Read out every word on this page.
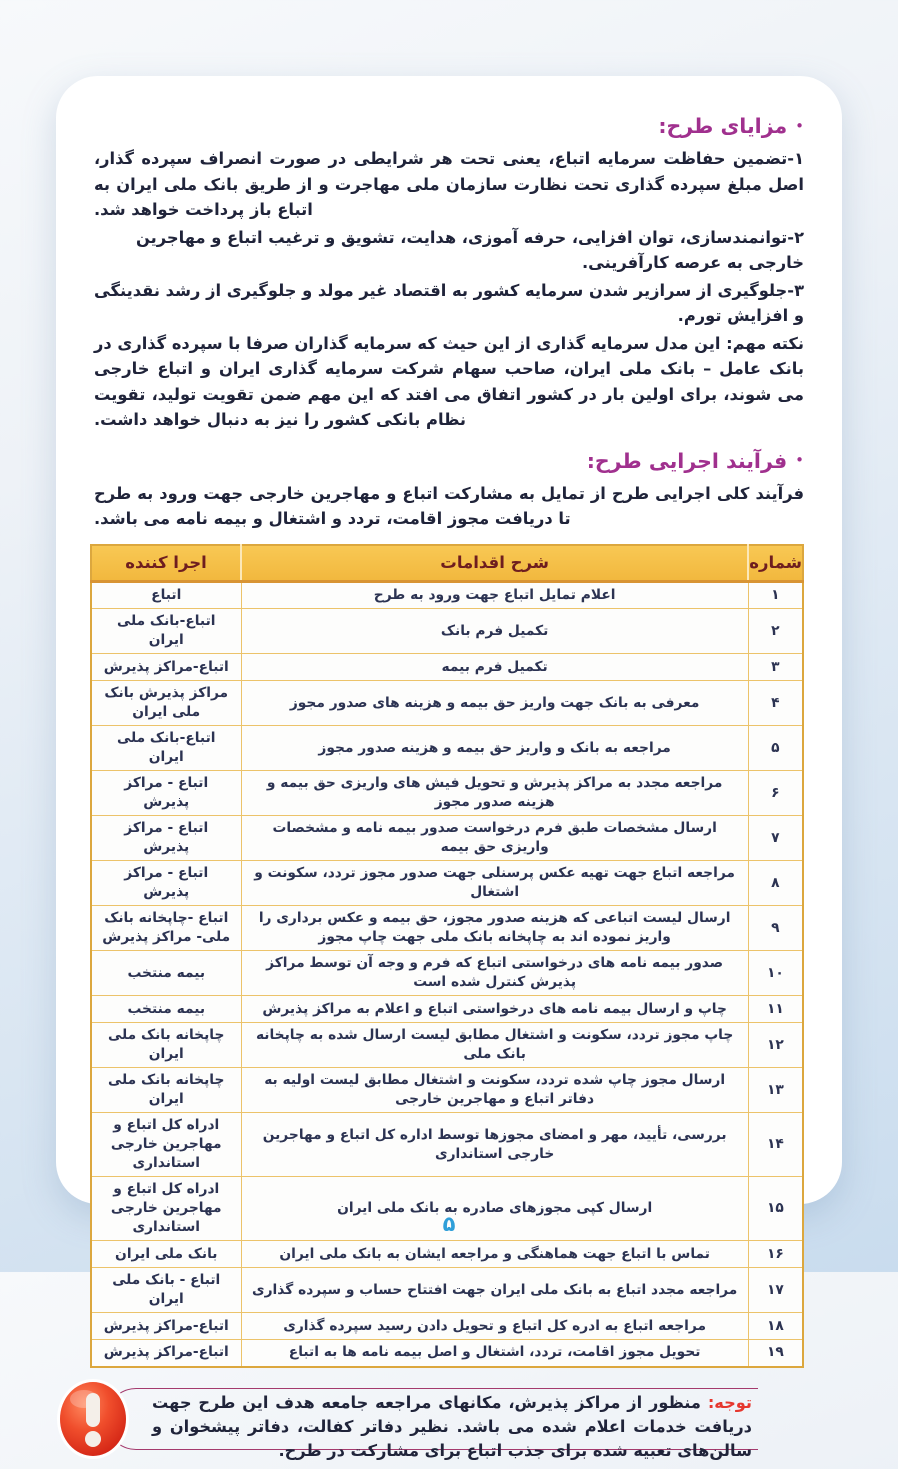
•
مزایای طرح:

۱-تضمین حفاظت سرمایه اتباع، یعنی تحت هر شرایطی در صورت انصراف سپرده گذار، اصل مبلغ سپرده گذاری تحت نظارت سازمان ملی مهاجرت و از طریق بانک ملی ایران به اتباع باز پرداخت خواهد شد.

۲-توانمندسازی، توان افزایی، حرفه آموزی، هدایت، تشویق و ترغیب اتباع و مهاجرین خارجی به عرصه کارآفرینی.

۳-جلوگیری از سرازیر شدن سرمایه کشور به اقتصاد غیر مولد و جلوگیری از رشد نقدینگی و افزایش تورم.

نکته مهم: این مدل سرمایه گذاری از این حیث که سرمایه گذاران صرفا با سپرده گذاری در بانک عامل – بانک ملی ایران، صاحب سهام شرکت سرمایه گذاری ایران و اتباع خارجی می شوند، برای اولین بار در کشور اتفاق می افتد که این مهم ضمن تقویت تولید، تقویت نظام بانکی کشور را نیز به دنبال خواهد داشت.

•
فرآیند اجرایی طرح:

فرآیند کلی اجرایی طرح از تمایل به مشارکت اتباع و مهاجرین خارجی جهت ورود به طرح تا دریافت مجوز اقامت، تردد و اشتغال و بیمه نامه می باشد.

شماره	شرح اقدامات	اجرا کننده
۱	اعلام تمایل اتباع جهت ورود به طرح	اتباع
۲	تکمیل فرم بانک	اتباع-بانک ملی ایران
۳	تکمیل فرم بیمه	اتباع-مراکز پذیرش
۴	معرفی به بانک جهت واریز حق بیمه و هزینه های صدور مجوز	مراکز پذیرش بانک ملی ایران
۵	مراجعه به بانک و واریز حق بیمه و هزینه صدور مجوز	اتباع-بانک ملی ایران
۶	مراجعه مجدد به مراکز پذیرش و تحویل فیش های واریزی حق بیمه و هزینه صدور مجوز	اتباع - مراکز پذیرش
۷	ارسال مشخصات طبق فرم درخواست صدور بیمه نامه و مشخصات واریزی حق بیمه	اتباع - مراکز پذیرش
۸	مراجعه اتباع جهت تهیه عکس پرسنلی جهت صدور مجوز تردد، سکونت و اشتغال	اتباع - مراکز پذیرش
۹	ارسال لیست اتباعی که هزینه صدور مجوز، حق بیمه و عکس برداری را واریز نموده اند به چاپخانه بانک ملی جهت چاپ مجوز	اتباع -چاپخانه بانک ملی- مراکز پذیرش
۱۰	صدور بیمه نامه های درخواستی اتباع که فرم و وجه آن توسط مراکز پذیرش کنترل شده است	بیمه منتخب
۱۱	چاپ و ارسال بیمه نامه های درخواستی اتباع و اعلام به مراکز پذیرش	بیمه منتخب
۱۲	چاپ مجوز تردد، سکونت و اشتغال مطابق لیست ارسال شده به چاپخانه بانک ملی	چاپخانه بانک ملی ایران
۱۳	ارسال مجوز چاپ شده تردد، سکونت و اشتغال مطابق لیست اولیه به دفاتر اتباع و مهاجرین خارجی	چاپخانه بانک ملی ایران
۱۴	بررسی، تأیید، مهر و امضای مجوزها توسط اداره کل اتباع و مهاجرین خارجی استانداری	ادراه کل اتباع و مهاجرین خارجی استانداری
۱۵	ارسال کپی مجوزهای صادره به بانک ملی ایران	ادراه کل اتباع و مهاجرین خارجی استانداری
۱۶	تماس با اتباع جهت هماهنگی و مراجعه ایشان به بانک ملی ایران	بانک ملی ایران
۱۷	مراجعه مجدد اتباع به بانک ملی ایران جهت افتتاح حساب و سپرده گذاری	اتباع - بانک ملی ایران
۱۸	مراجعه اتباع به ادره کل اتباع و تحویل دادن رسید سپرده گذاری	اتباع-مراکز پذیرش
۱۹	تحویل مجوز اقامت، تردد، اشتغال و اصل بیمه نامه ها به اتباع	اتباع-مراکز پذیرش

توجه: منظور از مراکز پذیرش، مکانهای مراجعه جامعه هدف این طرح جهت دریافت خدمات اعلام شده می باشد. نظیر دفاتر کفالت، دفاتر پیشخوان و سالن‌های تعبیه شده برای جذب اتباع برای مشارکت در طرح.

۵
